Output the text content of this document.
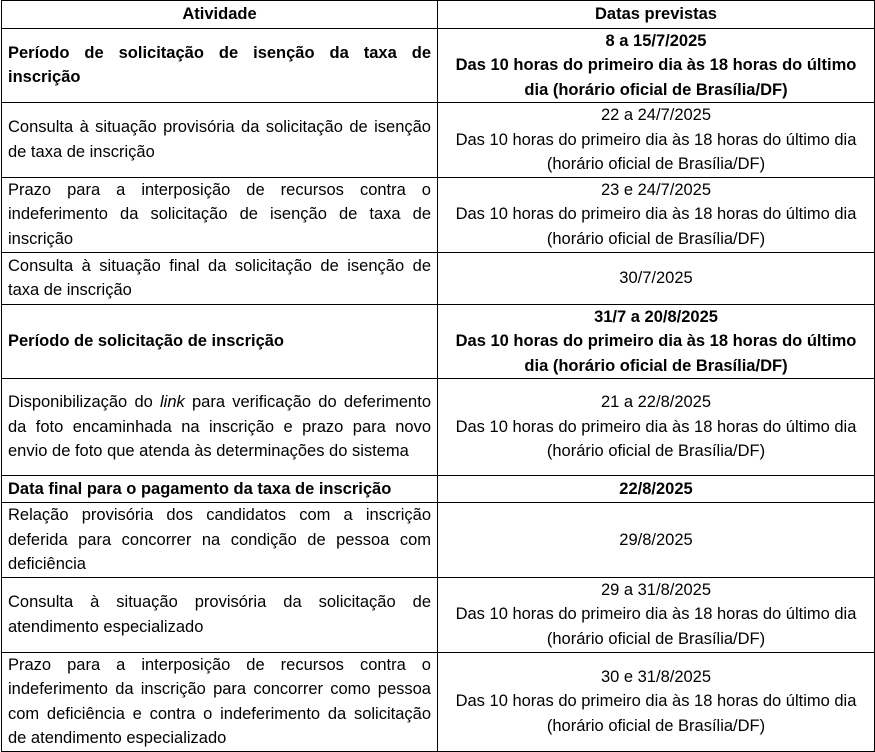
Atividade	Datas previstas
Período de solicitação de isenção da taxa de inscrição	8 a 15/7/2025
Das 10 horas do primeiro dia às 18 horas do último dia (horário oficial de Brasília/DF)

Consulta à situação provisória da solicitação de isenção de taxa de inscrição	22 a 24/7/2025
Das 10 horas do primeiro dia às 18 horas do último dia (horário oficial de Brasília/DF)

Prazo para a interposição de recursos contra o indeferimento da solicitação de isenção de taxa de inscrição	23 e 24/7/2025
Das 10 horas do primeiro dia às 18 horas do último dia (horário oficial de Brasília/DF)

Consulta à situação final da solicitação de isenção de taxa de inscrição	30/7/2025

Período de solicitação de inscrição	31/7 a 20/8/2025
Das 10 horas do primeiro dia às 18 horas do último dia (horário oficial de Brasília/DF)

Disponibilização do link para verificação do deferimento da foto encaminhada na inscrição e prazo para novo envio de foto que atenda às determinações do sistema	21 a 22/8/2025
Das 10 horas do primeiro dia às 18 horas do último dia (horário oficial de Brasília/DF)

Data final para o pagamento da taxa de inscrição	22/8/2025

Relação provisória dos candidatos com a inscrição deferida para concorrer na condição de pessoa com deficiência	29/8/2025

Consulta à situação provisória da solicitação de atendimento especializado	29 a 31/8/2025
Das 10 horas do primeiro dia às 18 horas do último dia (horário oficial de Brasília/DF)

Prazo para a interposição de recursos contra o indeferimento da inscrição para concorrer como pessoa com deficiência e contra o indeferimento da solicitação de atendimento especializado	30 e 31/8/2025
Das 10 horas do primeiro dia às 18 horas do último dia (horário oficial de Brasília/DF)
